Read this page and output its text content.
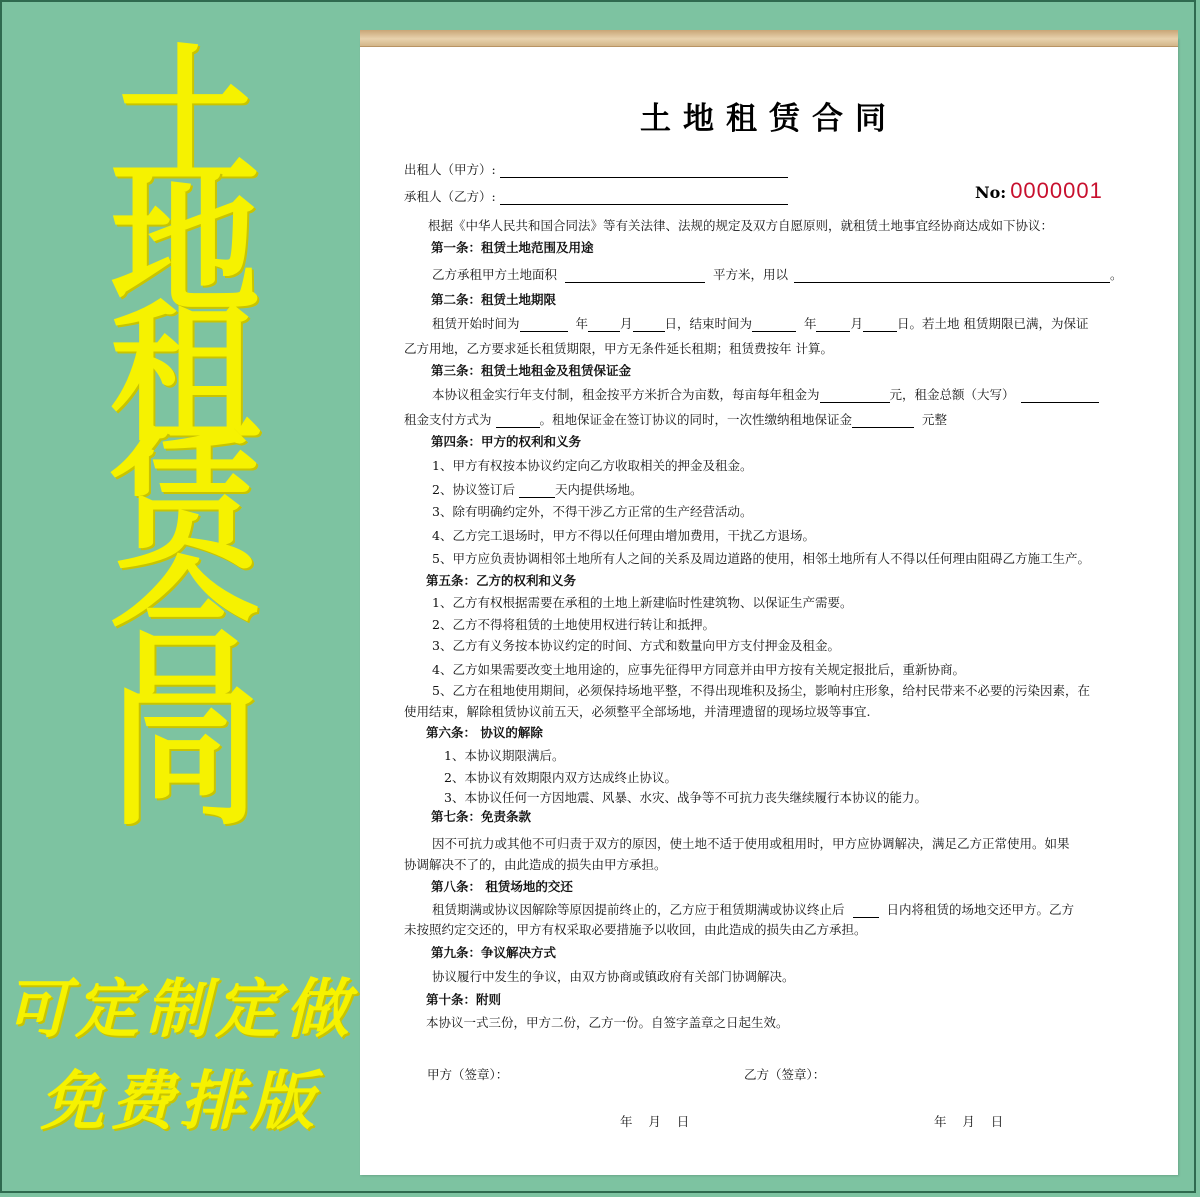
土
地
租
赁
合
同
可定制定做
免费排版
土地租赁合同
出租人（甲方）:
承租人（乙方）:	No: 0000001
根据《中华人民共和国合同法》等有关法律、法规的规定及双方自愿原则，就租赁土地事宜经协商达成如下协议：
第一条：租赁土地范围及用途
乙方承租甲方土地面积	平方米，用以	。
第二条：租赁土地期限
租赁开始时间为	年	月	日，结束时间为	年	月	日。若土地 租赁期限已满，为保证
乙方用地，乙方要求延长租赁期限，甲方无条件延长租期；租赁费按年 计算。
第三条：租赁土地租金及租赁保证金
本协议租金实行年支付制，租金按平方米折合为亩数，每亩每年租金为	元，租金总额（大写）
租金支付方式为	。租地保证金在签订协议的同时，一次性缴纳租地保证金	元整
第四条：甲方的权利和义务
1、甲方有权按本协议约定向乙方收取相关的押金及租金。
2、协议签订后	天内提供场地。
3、除有明确约定外，不得干涉乙方正常的生产经营活动。
4、乙方完工退场时，甲方不得以任何理由增加费用，干扰乙方退场。
5、甲方应负责协调相邻土地所有人之间的关系及周边道路的使用，相邻土地所有人不得以任何理由阻碍乙方施工生产。
第五条：乙方的权利和义务
1、乙方有权根据需要在承租的土地上新建临时性建筑物、以保证生产需要。
2、乙方不得将租赁的土地使用权进行转让和抵押。
3、乙方有义务按本协议约定的时间、方式和数量向甲方支付押金及租金。
4、乙方如果需要改变土地用途的，应事先征得甲方同意并由甲方按有关规定报批后，重新协商。
5、乙方在租地使用期间，必须保持场地平整，不得出现堆积及扬尘，影响村庄形象，给村民带来不必要的污染因素，在
使用结束，解除租赁协议前五天，必须整平全部场地，并清理遗留的现场垃圾等事宜.
第六条： 协议的解除
1、本协议期限满后。
2、本协议有效期限内双方达成终止协议。
3、本协议任何一方因地震、风暴、水灾、战争等不可抗力丧失继续履行本协议的能力。
第七条：免责条款
因不可抗力或其他不可归责于双方的原因，使土地不适于使用或租用时，甲方应协调解决，满足乙方正常使用。如果
协调解决不了的，由此造成的损失由甲方承担。
第八条： 租赁场地的交还
租赁期满或协议因解除等原因提前终止的，乙方应于租赁期满或协议终止后	日内将租赁的场地交还甲方。乙方
未按照约定交还的，甲方有权采取必要措施予以收回，由此造成的损失由乙方承担。
第九条：争议解决方式
协议履行中发生的争议，由双方协商或镇政府有关部门协调解决。
第十条：附则
本协议一式三份，甲方二份，乙方一份。自签字盖章之日起生效。
甲方（签章）：	乙方（签章）：
年    月    日	年    月    日
